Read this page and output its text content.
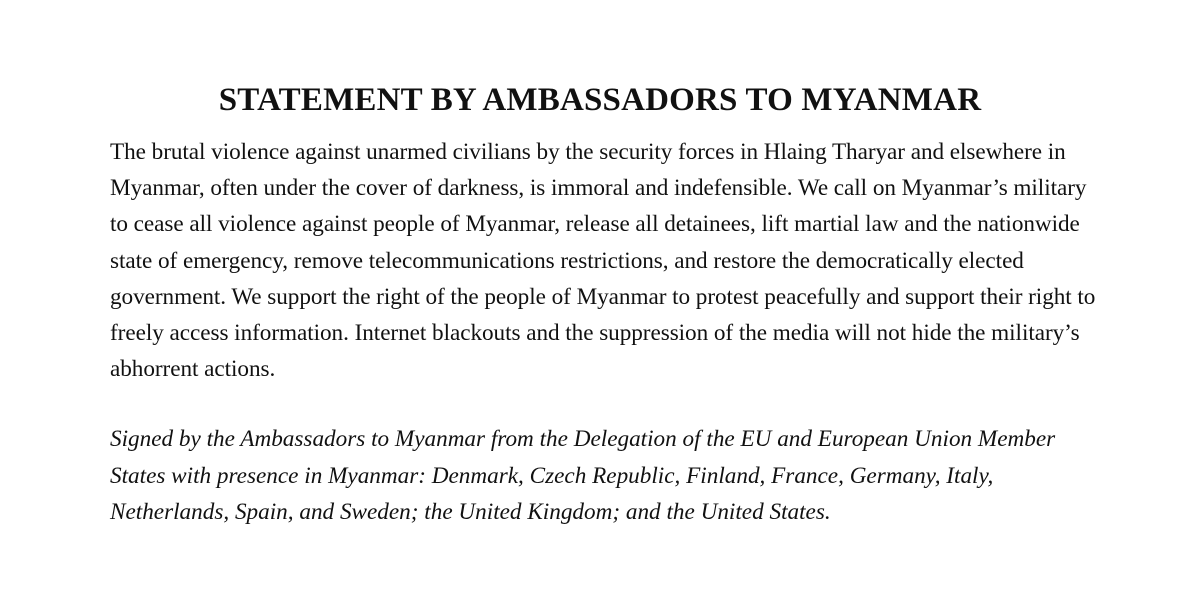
STATEMENT BY AMBASSADORS TO MYANMAR

The brutal violence against unarmed civilians by the security forces in Hlaing Tharyar and elsewhere in Myanmar, often under the cover of darkness, is immoral and indefensible. We call on Myanmar’s military to cease all violence against people of Myanmar, release all detainees, lift martial law and the nationwide state of emergency, remove telecommunications restrictions, and restore the democratically elected government. We support the right of the people of Myanmar to protest peacefully and support their right to freely access information. Internet blackouts and the suppression of the media will not hide the military’s abhorrent actions.

Signed by the Ambassadors to Myanmar from the Delegation of the EU and European Union Member States with presence in Myanmar: Denmark, Czech Republic, Finland, France, Germany, Italy, Netherlands, Spain, and Sweden; the United Kingdom; and the United States.
